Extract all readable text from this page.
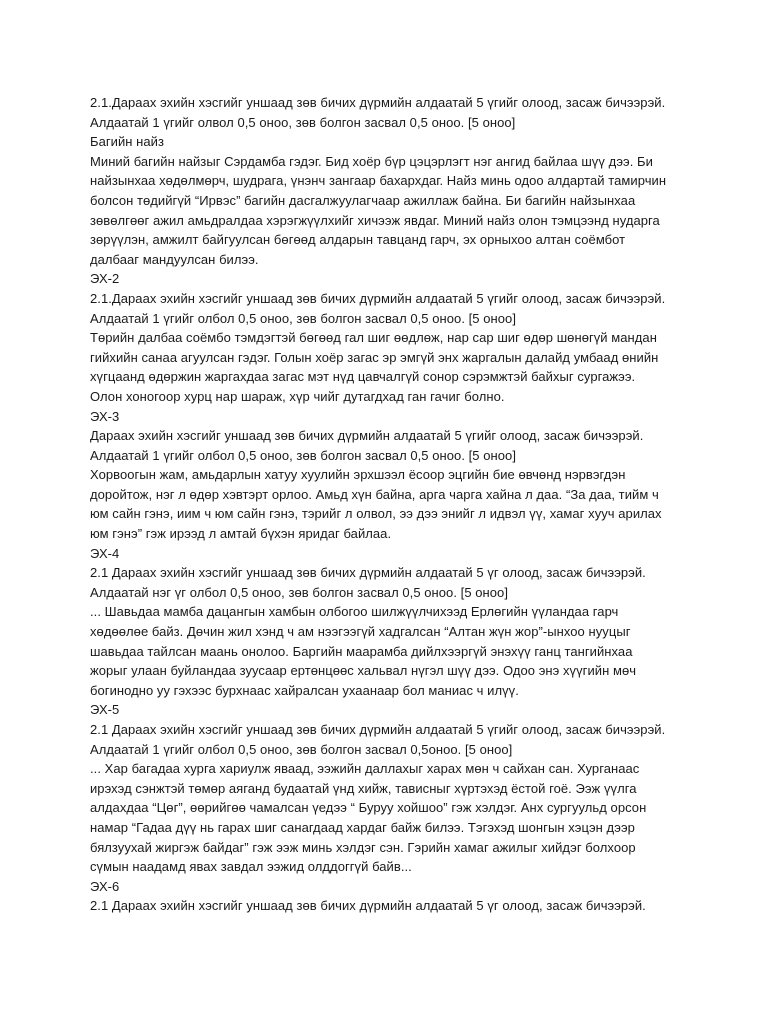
2.1.Дараах эхийн хэсгийг уншаад зөв бичих дүрмийн алдаатай 5 үгийг олоод, засаж бичээрэй.
Алдаатай 1 үгийг олвол 0,5 оноо, зөв болгон засвал 0,5 оноо. [5 оноо]
Багийн найз
Миний багийн найзыг Сэрдамба гэдэг. Бид хоёр бүр цэцэрлэгт нэг ангид байлаа шүү дээ. Би
найзынхаа хөдөлмөрч, шудрага, үнэнч зангаар бахархдаг. Найз минь одоо алдартай тамирчин
болсон төдийгүй “Ирвэс” багийн дасгалжуулагчаар ажиллаж байна. Би багийн найзынхаа
зөвөлгөөг ажил амьдралдаа хэрэгжүүлхийг хичээж явдаг. Миний найз олон тэмцээнд нударга
зөрүүлэн, амжилт байгуулсан бөгөөд алдарын тавцанд гарч, эх орныхоо алтан соёмбот
далбааг мандуулсан билээ.
ЭХ-2
2.1.Дараах эхийн хэсгийг уншаад зөв бичих дүрмийн алдаатай 5 үгийг олоод, засаж бичээрэй.
Алдаатай 1 үгийг олбол 0,5 оноо, зөв болгон засвал 0,5 оноо. [5 оноо]
Төрийн далбаа соёмбо тэмдэгтэй бөгөөд гал шиг өөдлөж, нар сар шиг өдөр шөнөгүй мандан
гийхийн санаа агуулсан гэдэг. Голын хоёр загас эр эмгүй энх жаргалын далайд умбаад өнийн
хүгцаанд өдөржин жаргахдаа загас мэт нүд цавчалгүй сонор сэрэмжтэй байхыг сургажээ.
Олон хоногоор хурц нар шараж, хүр чийг дутагдхад ган гачиг болно.
ЭХ-3
Дараах эхийн хэсгийг уншаад зөв бичих дүрмийн алдаатай 5 үгийг олоод, засаж бичээрэй.
Алдаатай 1 үгийг олбол 0,5 оноо, зөв болгон засвал 0,5 оноо. [5 оноо]
Хорвоогын жам, амьдарлын хатуу хуулийн эрхшээл ёсоор эцгийн бие өвчөнд нэрвэгдэн
доройтож, нэг л өдөр хэвтэрт орлоо. Амьд хүн байна, арга чарга хайна л даа. “За даа, тийм ч
юм сайн гэнэ, иим ч юм сайн гэнэ, тэрийг л олвол, ээ дээ энийг л идвэл үү, хамаг хууч арилах
юм гэнэ” гэж ирээд л амтай бүхэн яридаг байлаа.
ЭХ-4
2.1 Дараах эхийн хэсгийг уншаад зөв бичих дүрмийн алдаатай 5 үг олоод, засаж бичээрэй.
Алдаатай нэг үг олбол 0,5 оноо, зөв болгон засвал 0,5 оноо. [5 оноо]
... Шавьдаа мамба дацангын хамбын олбогоо шилжүүлчихээд Ерлөгийн үүландаа гарч
хөдөөлөе байз. Дөчин жил хэнд ч ам нээгээгүй хадгалсан “Алтан жүн жор”-ынхоо нууцыг
шавьдаа тайлсан маань онолоо. Баргийн маарамба дийлхээргүй энэхүү ганц тангийнхаа
жорыг улаан буйландаа зуусаар ертөнцөөс хальвал нүгэл шүү дээ. Одоо энэ хүүгийн мөч
богинодно уу гэхээс бурхнаас хайралсан ухаанаар бол маниас ч илүү.
ЭХ-5
2.1 Дараах эхийн хэсгийг уншаад зөв бичих дүрмийн алдаатай 5 үгийг олоод, засаж бичээрэй.
Алдаатай 1 үгийг олбол 0,5 оноо, зөв болгон засвал 0,5оноо. [5 оноо]
... Хар багадаа хурга хариулж яваад, ээжийн даллахыг харах мөн ч сайхан сан. Хурганаас
ирэхэд сэнжтэй төмөр аяганд будаатай үнд хийж, тависныг хүртэхэд ёстой гоё. Ээж үүлга
алдахдаа “Цөг”, өөрийгөө чамалсан үедээ “ Буруу хойшоо” гэж хэлдэг. Анх сургуульд орсон
намар “Гадаа дүү нь гарах шиг санагдаад хардаг байж билээ. Тэгэхэд шонгын хэцэн дээр
бялзуухай жиргэж байдаг” гэж ээж минь хэлдэг сэн. Гэрийн хамаг ажилыг хийдэг болхоор
сүмын наадамд явах завдал ээжид олддоггүй байв...
ЭХ-6
2.1 Дараах эхийн хэсгийг уншаад зөв бичих дүрмийн алдаатай 5 үг олоод, засаж бичээрэй.
